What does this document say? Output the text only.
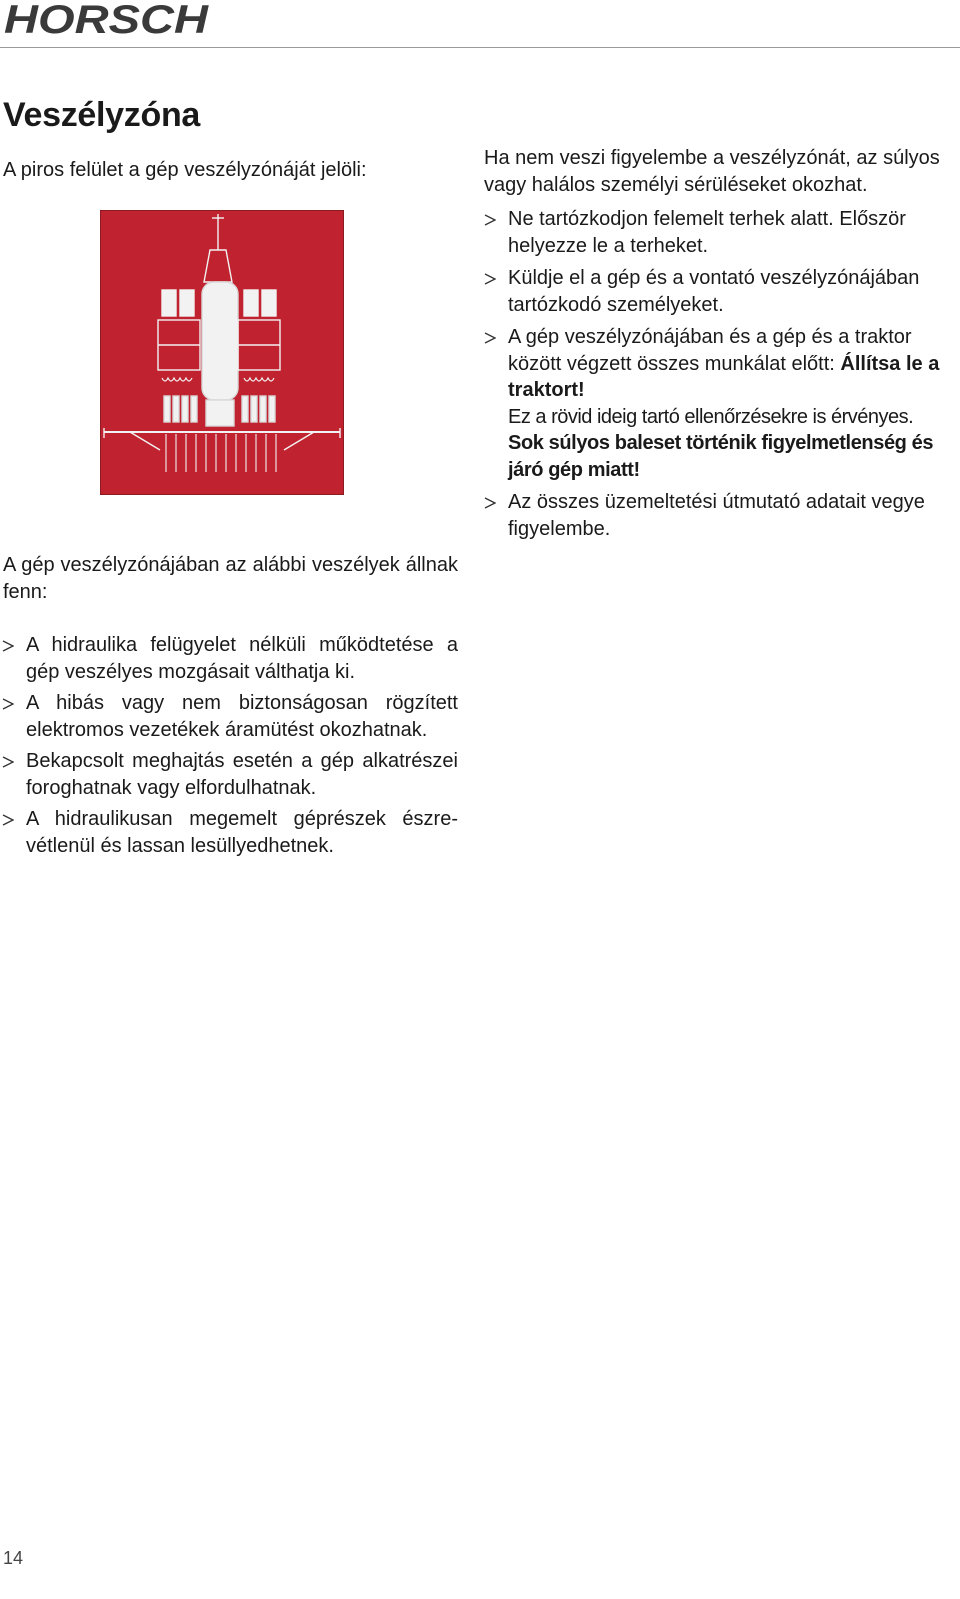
HORSCH
Veszélyzóna

A piros felület a gép veszélyzónáját jelöli:

A gép veszélyzónájában az alábbi veszélyek állnak fenn:

A hidraulika felügyelet nélküli működtetése a gép veszélyes mozgásait válthatja ki.
A hibás vagy nem biztonságosan rögzített elektromos vezetékek áramütést okozhatnak.
Bekapcsolt meghajtás esetén a gép alkatrészei foroghatnak vagy elfordulhatnak.
A hidraulikusan megemelt géprészek észrevétlenül és lassan lesüllyedhetnek.

Ha nem veszi figyelembe a veszélyzónát, az súlyos vagy halálos személyi sérüléseket okozhat.

Ne tartózkodjon felemelt terhek alatt. Először helyezze le a terheket.
Küldje el a gép és a vontató veszélyzónájában tartózkodó személyeket.
A gép veszélyzónájában és a gép és a traktor között végzett összes munkálat előtt: Állítsa le a traktort!
Ez a rövid ideig tartó ellenőrzésekre is érvényes.
Sok súlyos baleset történik figyelmetlenség és járó gép miatt!
Az összes üzemeltetési útmutató adatait vegye figyelembe.

14
